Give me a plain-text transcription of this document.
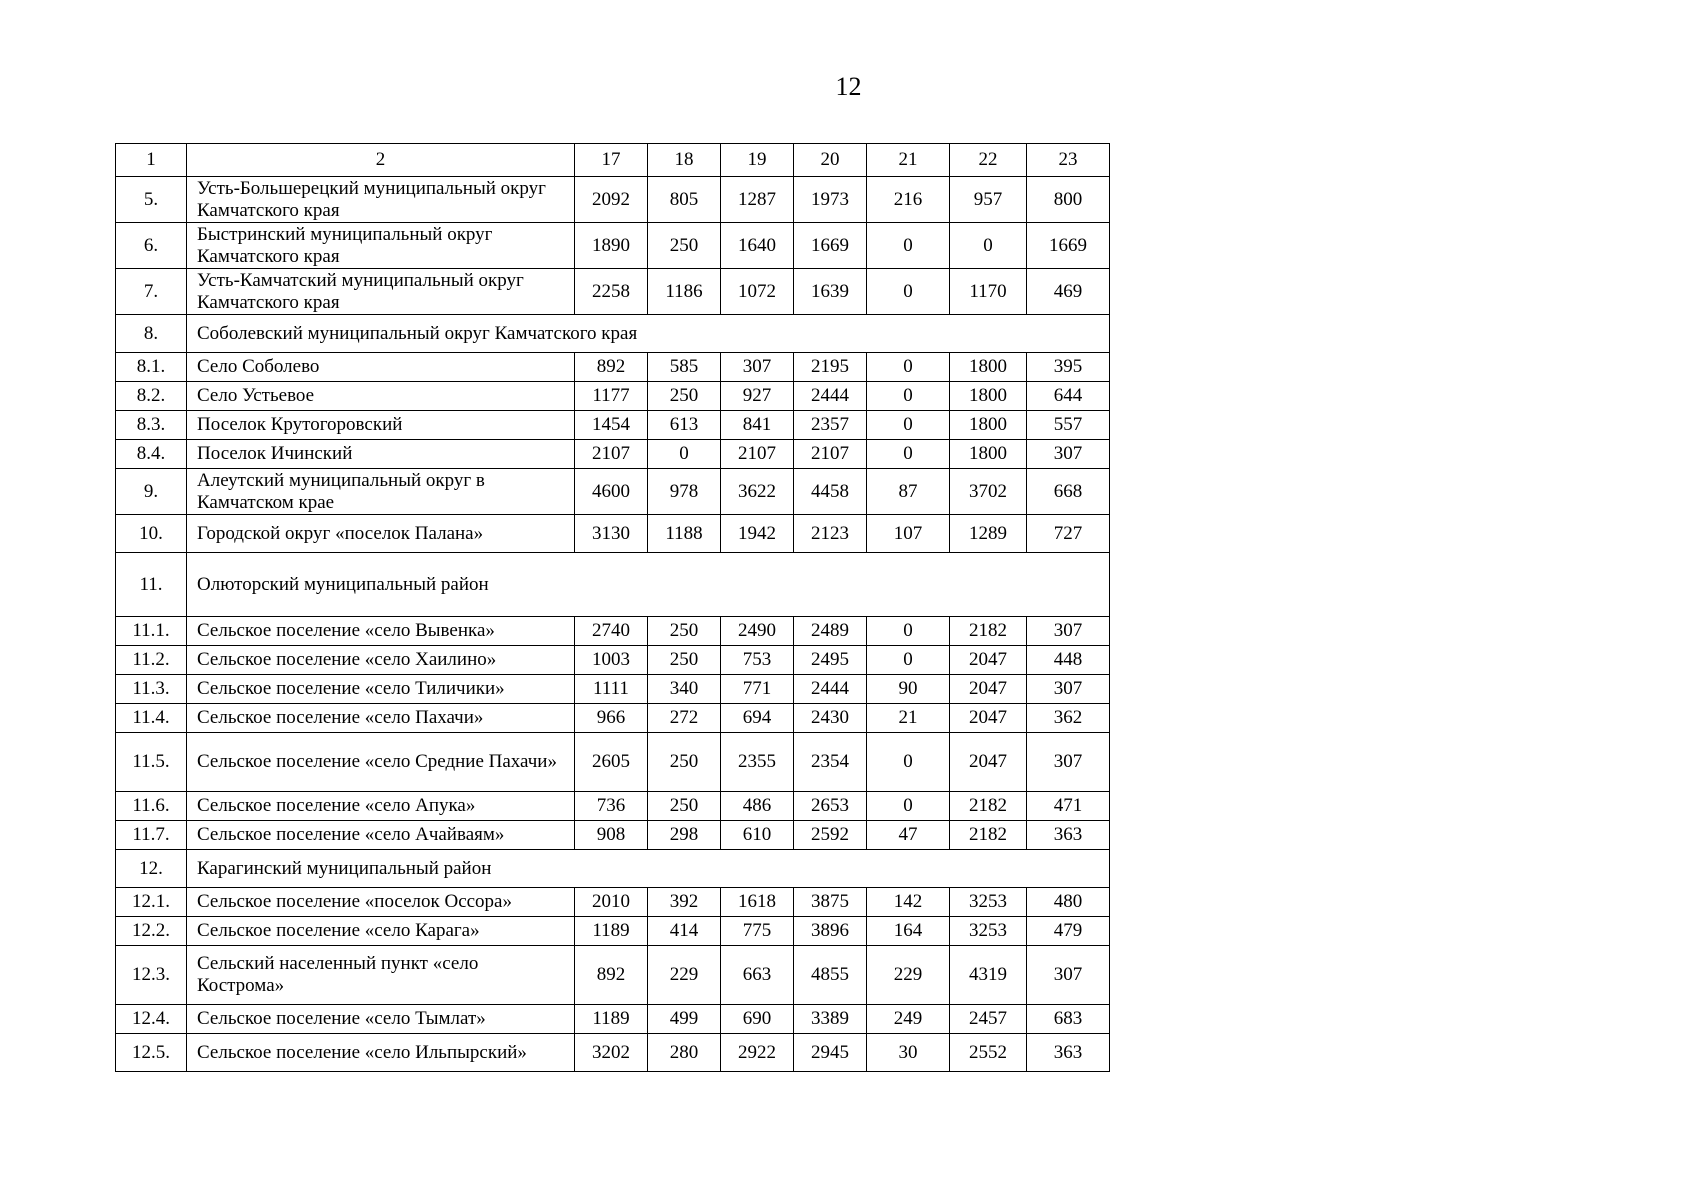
12
1	2	17	18	19	20	21	22	23
5.	Усть-Большерецкий муниципальный округ Камчатского края	2092	805	1287	1973	216	957	800
6.	Быстринский муниципальный округ Камчатского края	1890	250	1640	1669	0	0	1669
7.	Усть-Камчатский муниципальный округ Камчатского края	2258	1186	1072	1639	0	1170	469
8.	Соболевский муниципальный округ Камчатского края							
8.1.	Село Соболево	892	585	307	2195	0	1800	395
8.2.	Село Устьевое	1177	250	927	2444	0	1800	644
8.3.	Поселок Крутогоровский	1454	613	841	2357	0	1800	557
8.4.	Поселок Ичинский	2107	0	2107	2107	0	1800	307
9.	Алеутский муниципальный округ в Камчатском крае	4600	978	3622	4458	87	3702	668
10.	Городской округ «поселок Палана»	3130	1188	1942	2123	107	1289	727
11.	Олюторский муниципальный район							
11.1.	Сельское поселение «село Вывенка»	2740	250	2490	2489	0	2182	307
11.2.	Сельское поселение «село Хаилино»	1003	250	753	2495	0	2047	448
11.3.	Сельское поселение «село Тиличики»	1111	340	771	2444	90	2047	307
11.4.	Сельское поселение «село Пахачи»	966	272	694	2430	21	2047	362
11.5.	Сельское поселение «село Средние Пахачи»	2605	250	2355	2354	0	2047	307
11.6.	Сельское поселение «село Апука»	736	250	486	2653	0	2182	471
11.7.	Сельское поселение «село Ачайваям»	908	298	610	2592	47	2182	363
12.	Карагинский муниципальный район							
12.1.	Сельское поселение «поселок Оссора»	2010	392	1618	3875	142	3253	480
12.2.	Сельское поселение «село Карага»	1189	414	775	3896	164	3253	479
12.3.	Сельский населенный пункт «село Кострома»	892	229	663	4855	229	4319	307
12.4.	Сельское поселение «село Тымлат»	1189	499	690	3389	249	2457	683
12.5.	Сельское поселение «село Ильпырский»	3202	280	2922	2945	30	2552	363
